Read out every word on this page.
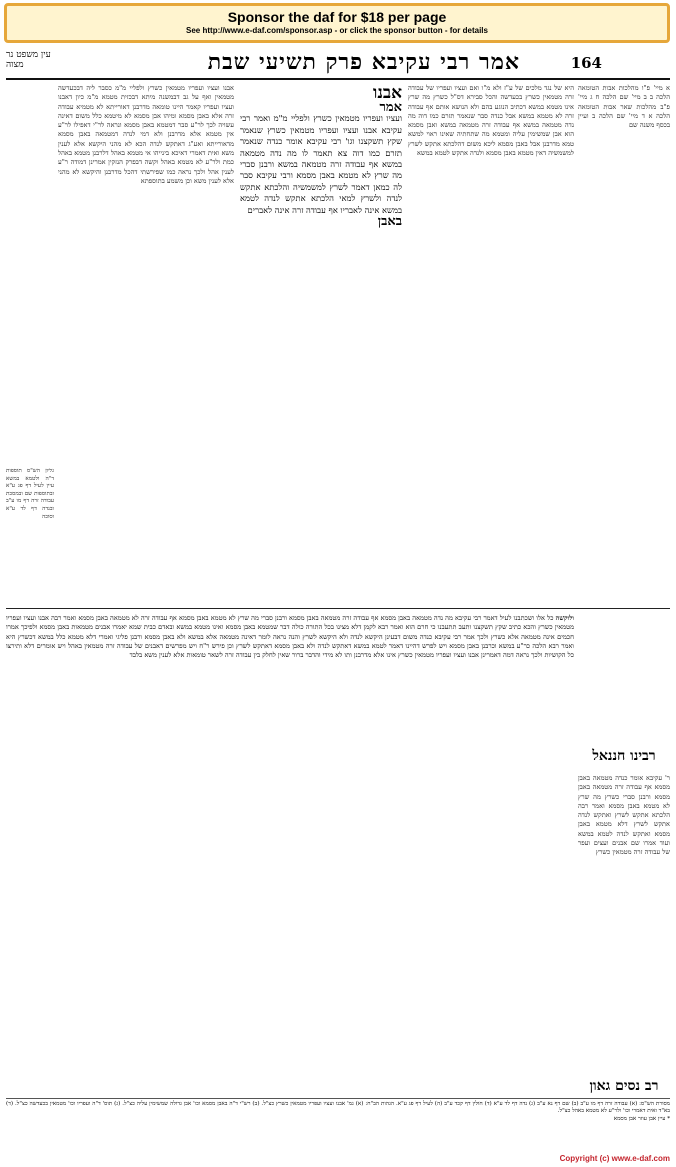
Sponsor the daf for $18 per page
See http://www.e-daf.com/sponsor.asp - or click the sponsor button - for details
164
אמר רבי עקיבא פרק תשיעי שבת
עין משפט נר מצוה
א מיי' פ"ו מהלכות אבות הטומאה הלכה ב ב מיי' שם הלכה ח ג מיי' פ"ב מהלכות שאר אבות הטומאה הלכה א ד מיי' שם הלכה ב ועיין בכסף משנה שם
היא של נגד מלכים של ע"ז ולא מ"ו ואם ועציו ועפריו של עבודה זרה מטמאין כשרץ בכעדשה והכל סבירא דס"ל כשרץ מה שרץ אינו מטמא במשא דכתיב הנוגע בהם ולא הנושא אותם אף עבודה זרה לא מטמא במשא אבל כנדה סבר שנאמר תזרם כמו דוה מה נדה מטמאה במשא אף עבודה זרה מטמאה במשא ואבן מסמא הוא אבן שמשימין עליה ומטמא מה שתחתיה שאינו ראוי למשא טמא מדרבנן אבל באבן מסמא ליכא משום דהלכתא אתקש לשרץ למשמשיה דאין מטמא באבן מסמא ולנדה אתקש לטמא במשא
אבנו
אמר
ועציו ועפריו מטמאין כשרץ ולפליי מ"מ ואמר רבי עקיבא אבנו ועציו ועפריו מטמאין כשרץ שנאמר שקץ תשקצנו וגו' רבי עקיבא אומר כנדה שנאמר תזרם כמו דוה צא תאמר לו מה נדה מטמאה במשא אף עבודה זרה מטמאה במשא ורבנן סברי מה שרץ לא מטמא באבן מסמא ורבי עקיבא סבר לה כמאן דאמר לשרץ למשמשיה והלכתא אתקש לנדה ולשרץ למאי הלכתא אתקש לנדה לטמא במשא אינה לאבריו אף עבודה זרה אינה לאברים
באבן
אבנו ועציו ועפריו מטמאין כשרץ ולפליי מ"מ כסבר ליה דבכעדשה מטמאין ואף על גב דבמשנה מיתא דבכזית מטמא מ"מ כיון דאבנו ועציו ועפריו קאמר היינו טומאה מדרבנן דאורייתא לא מטמיא עבודה זרה אלא באבן מסמא ומיהו אבן מסמא לא מיטמא כלל משום דאינה עשויה לכך לר"ע סבר דמטמא באבן מסמא ונראה לר"י דאפילו לר"ע אין מטמא אלא מדרבנן ולא דמי לנדה דמטמאה באבן מסמא מדאורייתא ואע"ג דאתקש לנדה הכא לא מהני היקשא אלא לענין משא ואית דאמרי דאיכא בינייהו אי מטמא באהל דלרבנן מטמא באהל כמת ולר"ע לא מטמא באהל וקשה דבפרק הנזקין אמרינן דמודה ר"ע לענין אהל ולכך נראה כמו שפירשתי דהכל מדרבנן והיקשא לא מהני אלא לענין משא וכן משמע בתוספתא
גליון הש"ס תוספות ד"ה ולטמא במשא עיין לעיל דף פג ע"א ובתוספות שם ובמסכת עבודה זרה דף מו ע"ב ובנדה דף לד ע"א וסוכה
ולוקשה כל אלו ושכתבנו לעיל דאמר רבי עקיבא מה נדה מטמאה באבן מסמא אף עבודה זרה מטמאה באבן מסמא ורבנן סברי מה שרץ לא מטמא באבן מסמא אף עבודה זרה לא מטמאה באבן מסמא ואמר רבה אבנו ועציו ועפריו מטמאין כשרץ והכא כתיב שקץ תשקצנו ותעב תתעבנו כי חרם הוא ואמר רבא לקמן דלא מצינו בכל התורה כולה דבר שמטמא באבן מסמא ואינו מטמא במשא ובאדם כבית שמא יאמרו אבנים מטמאות באבן מסמא ולפיכך אמרו חכמים אינה מטמאה אלא כשרץ ולכך אמר רבי עקיבא כנדה משום דבעינן היקשא לנדה ולא היקשא לשרץ והנה נראה לומר דאינה מטמאה אלא במשא ולא באבן מסמא ורבנן פליגי ואמרי דלא מטמא כלל במשא דכשרץ היא ואמר רבא הלכה כר"ע במשא וכרבנן באבן מסמא ויש לפרש דהיינו דאמר לטמא במשא דאתקש לנדה ולא באבן מסמא דאתקש לשרץ וכן פירש ר"ח ויש מפרשים דאבנים של עבודה זרה מטמאין באהל ויש אומרים דלא ותירצו כל הקושיות ולכך נראה דמה דאמרינן אבנו ועציו ועפריו מטמאין כשרץ אינו אלא מדרבנן ותו לא מידי והדבר ברור שאין לחלק בין עבודה זרה לשאר טומאות אלא לענין משא בלבד
רבינו חננאל
ר' עקיבא אומר כנדה מטמאה באבן מסמא אף עבודה זרה מטמאה באבן מסמא ורבנן סברי כשרץ מה שרץ לא מטמא באבן מסמא ואמר רבה הלכתא אתקש לשרץ ואתקש לנדה אתקש לשרץ דלא מטמא באבן מסמא ואתקש לנדה לטמא במשא ועוד אמרו שם אבנים ועצים ועפר של עבודה זרה מטמאין כשרץ
רב נסים גאון
מסורת הש"ס: (א) עבודה זרה דף מו ע"ב (ב) שם דף נא ע"ב (ג) נדה דף לד ע"א (ד) חולין דף קכד ע"ב (ה) לעיל דף פג ע"א. הגהות הב"ח: (א) גמ' אבנו ועציו ועפריו מטמאין כשרץ כצ"ל. (ב) רש"י ד"ה באבן מסמא וכו' אבן גדולה שמשימין עליה כצ"ל. (ג) תוס' ד"ה ועפריו וכו' מטמאין בכעדשה כצ"ל. (ד) בא"ד ואית דאמרי וכו' ולר"ע לא מטמא באהל כצ"ל.
* עיין אבן עוזר אבן מסמא
Copyright (c) www.e-daf.com
